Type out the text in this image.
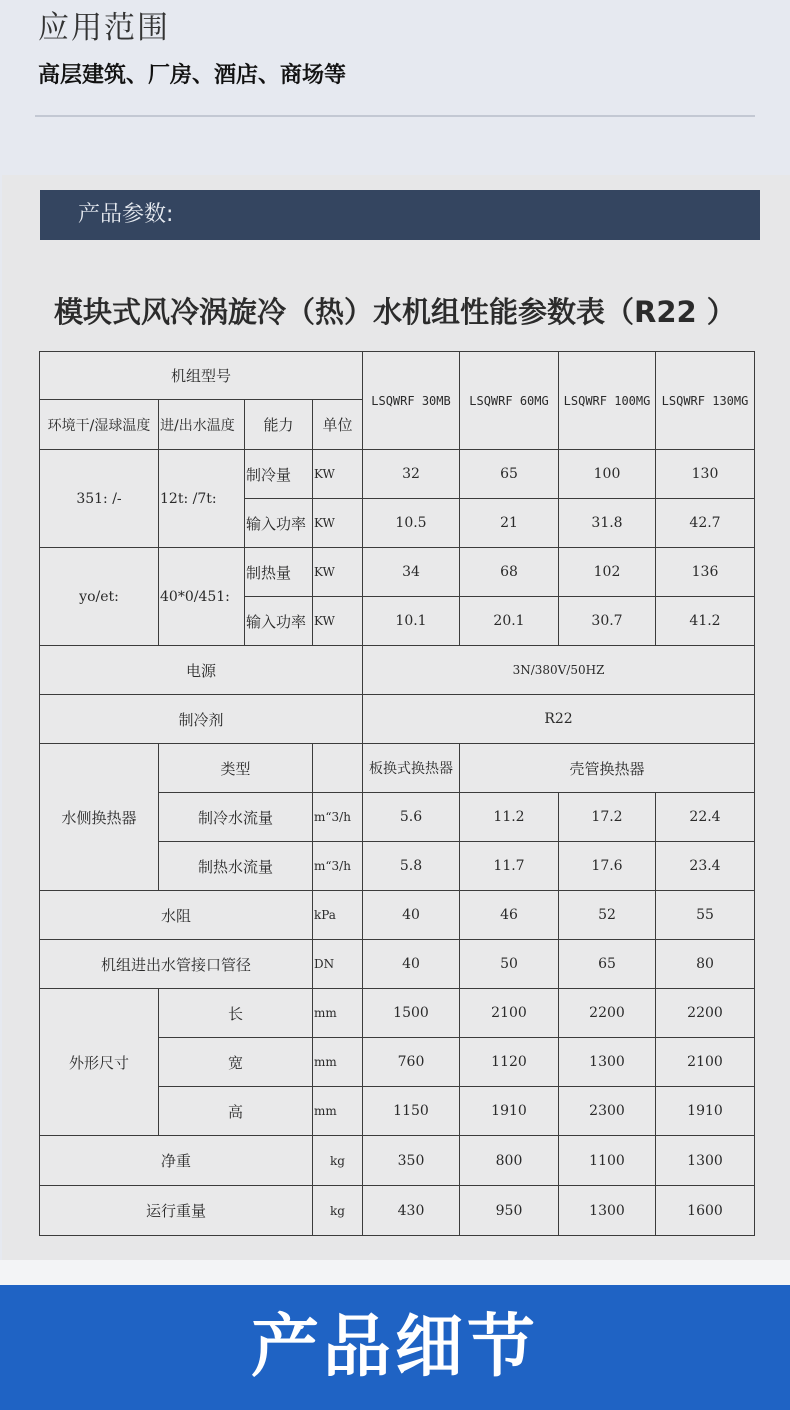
应用范围
高层建筑、厂房、酒店、商场等
产品参数:
模块式风冷涡旋冷（热）水机组性能参数表（R22 ）
机组型号				LSQWRF 30MB	LSQWRF 60MG	LSQWRF 100MG	LSQWRF 130MG
环境干/湿球温度	进/出水温度	能力	单位				
351: /-	12t: /7t:	制冷量	KW	32	65	100	130
		输入功率	KW	10.5	21	31.8	42.7
yo/et:	40*0/451:	制热量	KW	34	68	102	136
		输入功率	KW	10.1	20.1	30.7	41.2
电源				3N/380V/50HZ			
制冷剂				R22			
水侧换热器	类型			板换式换热器	壳管换热器		
	制冷水流量		m“3/h	5.6	11.2	17.2	22.4
	制热水流量		m“3/h	5.8	11.7	17.6	23.4
水阻			kPa	40	46	52	55
机组进出水管接口管径			DN	40	50	65	80
外形尺寸	长		mm	1500	2100	2200	2200
	宽		mm	760	1120	1300	2100
	高		mm	1150	1910	2300	1910
净重			kg	350	800	1100	1300
运行重量			kg	430	950	1300	1600
产品细节
